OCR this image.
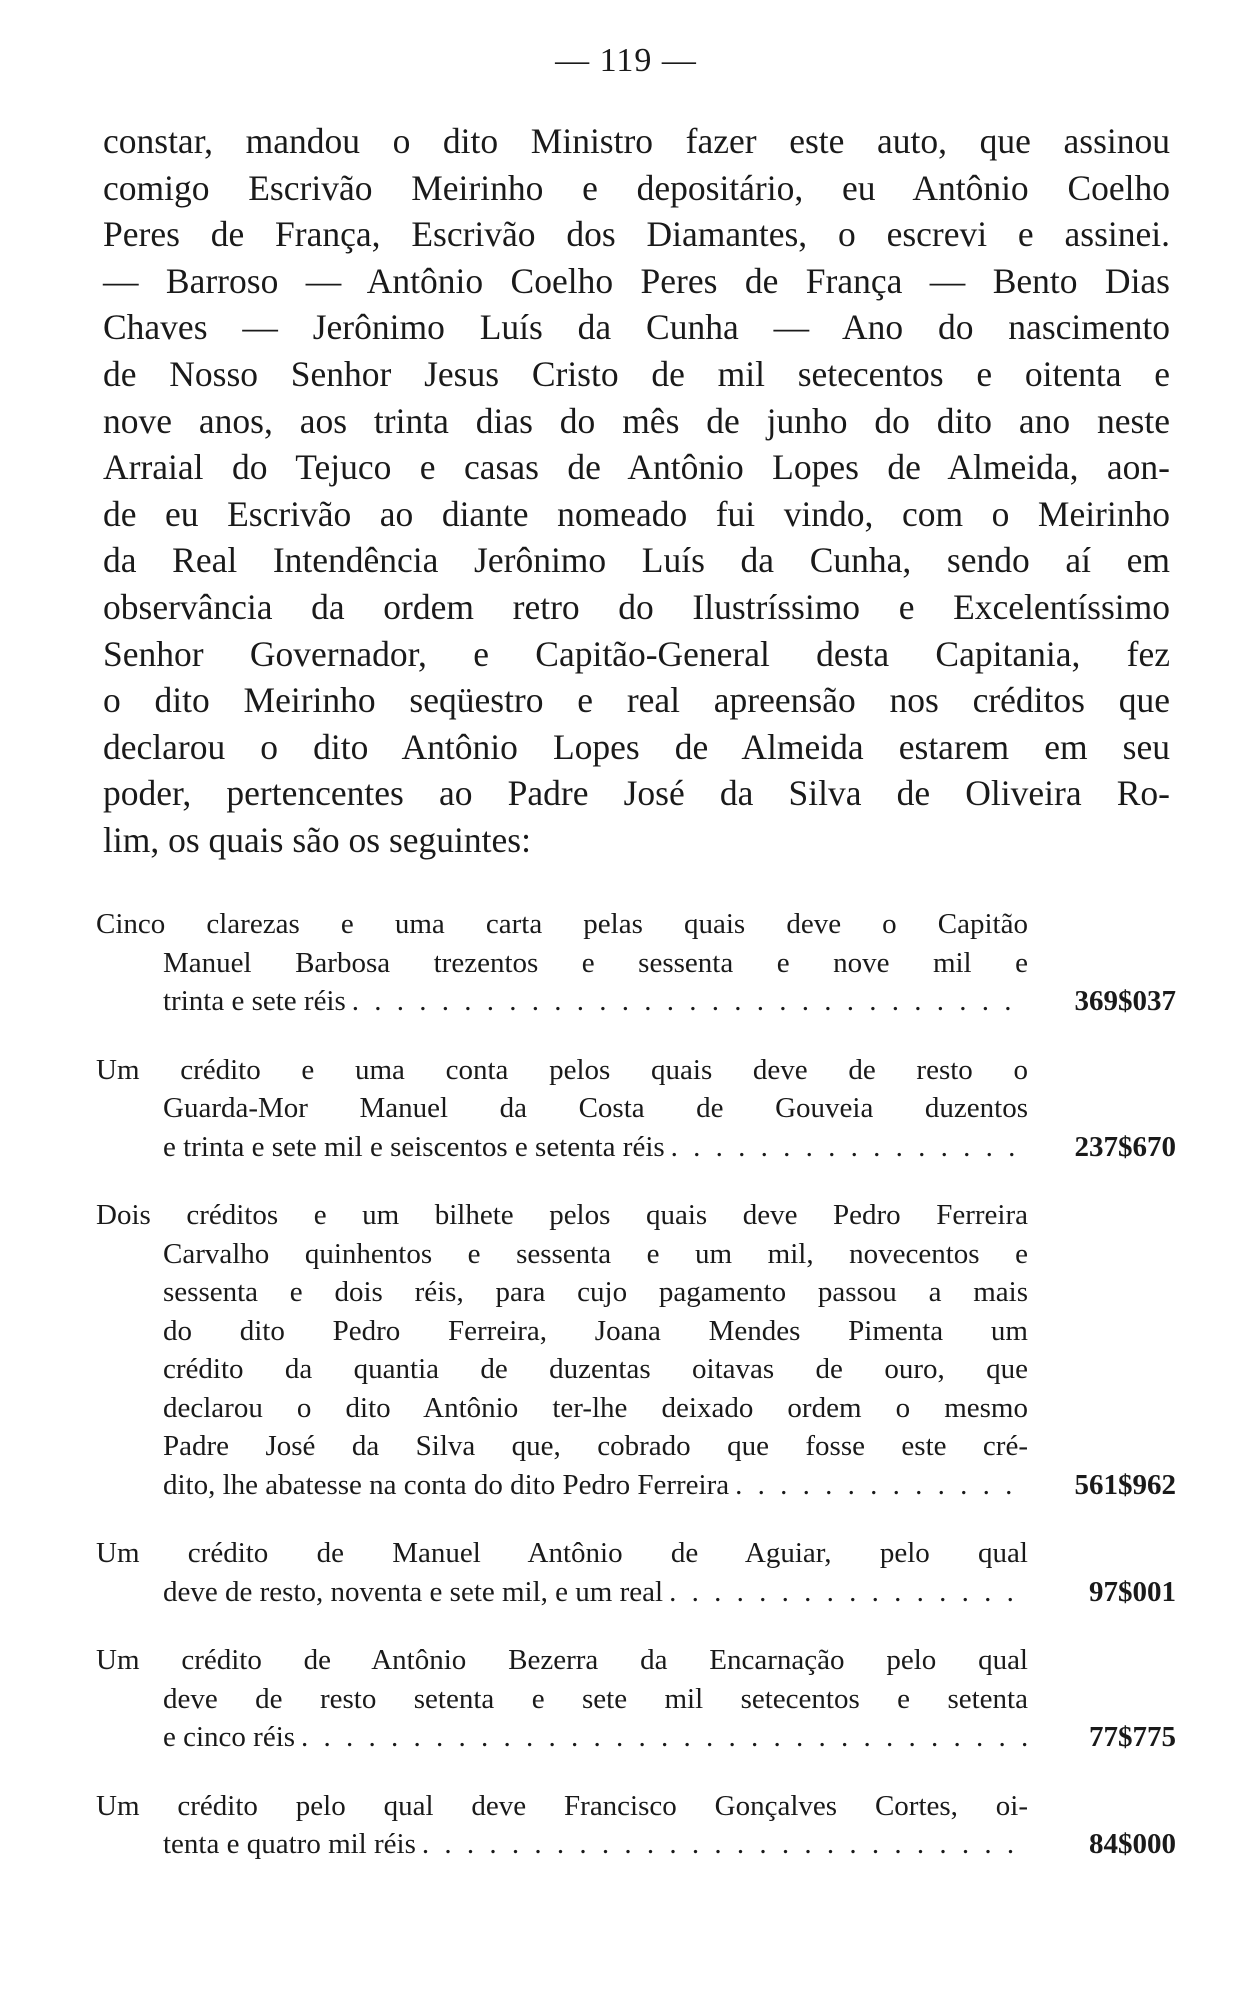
— 119 —
constar, mandou o dito Ministro fazer este auto, que assinou
comigo Escrivão Meirinho e depositário, eu Antônio Coelho
Peres de França, Escrivão dos Diamantes, o escrevi e assinei.
— Barroso — Antônio Coelho Peres de França — Bento Dias
Chaves — Jerônimo Luís da Cunha — Ano do nascimento
de Nosso Senhor Jesus Cristo de mil setecentos e oitenta e
nove anos, aos trinta dias do mês de junho do dito ano neste
Arraial do Tejuco e casas de Antônio Lopes de Almeida, aon-
de eu Escrivão ao diante nomeado fui vindo, com o Meirinho
da Real Intendência Jerônimo Luís da Cunha, sendo aí em
observância da ordem retro do Ilustríssimo e Excelentíssimo
Senhor Governador, e Capitão-General desta Capitania, fez
o dito Meirinho seqüestro e real apreensão nos créditos que
declarou o dito Antônio Lopes de Almeida estarem em seu
poder, pertencentes ao Padre José da Silva de Oliveira Ro-
lim, os quais são os seguintes:
Cinco clarezas e uma carta pelas quais deve o Capitão
Manuel Barbosa trezentos e sessenta e nove mil e
trinta e sete réis . . .	369$037
Um crédito e uma conta pelos quais deve de resto o
Guarda-Mor Manuel da Costa de Gouveia duzentos
e trinta e sete mil e seiscentos e setenta réis . . .	237$670
Dois créditos e um bilhete pelos quais deve Pedro Ferreira
Carvalho quinhentos e sessenta e um mil, novecentos e
sessenta e dois réis, para cujo pagamento passou a mais
do dito Pedro Ferreira, Joana Mendes Pimenta um
crédito da quantia de duzentas oitavas de ouro, que
declarou o dito Antônio ter-lhe deixado ordem o mesmo
Padre José da Silva que, cobrado que fosse este cré-
dito, lhe abatesse na conta do dito Pedro Ferreira . . .	561$962
Um crédito de Manuel Antônio de Aguiar, pelo qual
deve de resto, noventa e sete mil, e um real . . .	97$001
Um crédito de Antônio Bezerra da Encarnação pelo qual
deve de resto setenta e sete mil setecentos e setenta
e cinco réis . . .	77$775
Um crédito pelo qual deve Francisco Gonçalves Cortes, oi-
tenta e quatro mil réis . . .	84$000
